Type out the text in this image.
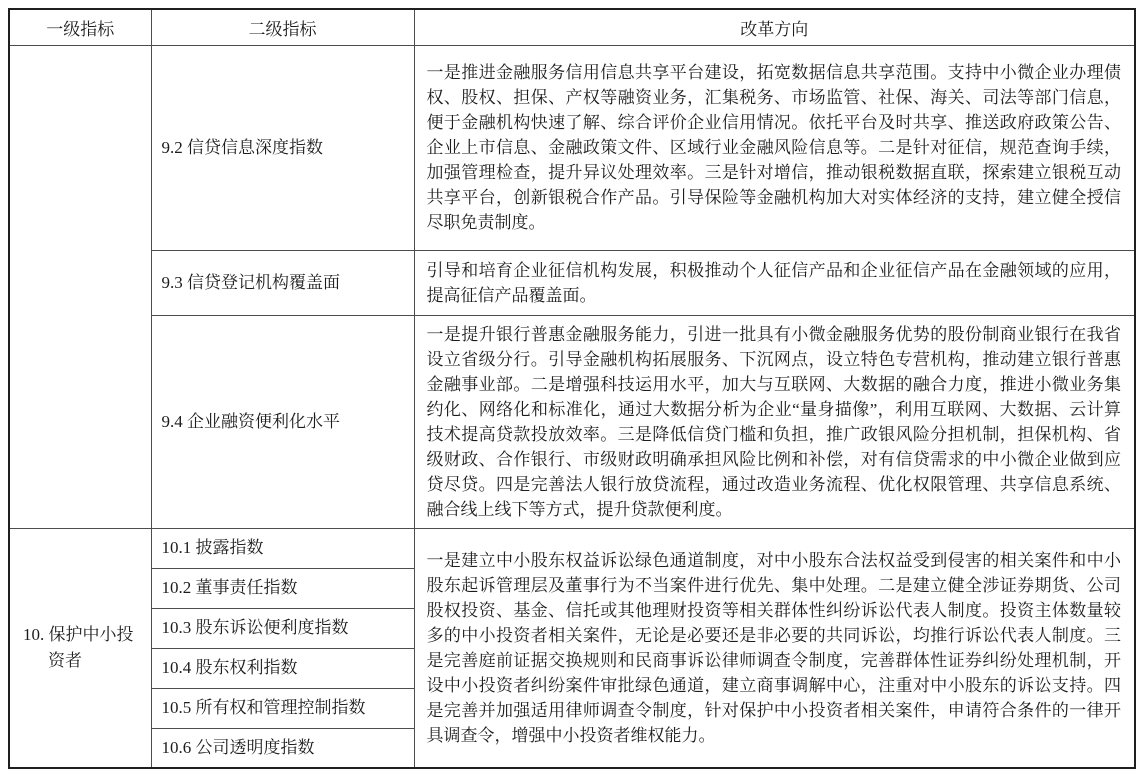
一级指标	二级指标	改革方向
	9.2 信贷信息深度指数	一是推进金融服务信用信息共享平台建设，拓宽数据信息共享范围。支持中小微企业办理债权、股权、担保、产权等融资业务，汇集税务、市场监管、社保、海关、司法等部门信息，便于金融机构快速了解、综合评价企业信用情况。依托平台及时共享、推送政府政策公告、企业上市信息、金融政策文件、区域行业金融风险信息等。二是针对征信，规范查询手续，加强管理检查，提升异议处理效率。三是针对增信，推动银税数据直联，探索建立银税互动共享平台，创新银税合作产品。引导保险等金融机构加大对实体经济的支持，建立健全授信尽职免责制度。
	9.3 信贷登记机构覆盖面	引导和培育企业征信机构发展，积极推动个人征信产品和企业征信产品在金融领域的应用，提高征信产品覆盖面。
	9.4 企业融资便利化水平	一是提升银行普惠金融服务能力，引进一批具有小微金融服务优势的股份制商业银行在我省设立省级分行。引导金融机构拓展服务、下沉网点，设立特色专营机构，推动建立银行普惠金融事业部。二是增强科技运用水平，加大与互联网、大数据的融合力度，推进小微业务集约化、网络化和标准化，通过大数据分析为企业“量身描像”，利用互联网、大数据、云计算技术提高贷款投放效率。三是降低信贷门槛和负担，推广政银风险分担机制，担保机构、省级财政、合作银行、市级财政明确承担风险比例和补偿，对有信贷需求的中小微企业做到应贷尽贷。四是完善法人银行放贷流程，通过改造业务流程、优化权限管理、共享信息系统、融合线上线下等方式，提升贷款便利度。
10. 保护中小投资者	10.1 披露指数	一是建立中小股东权益诉讼绿色通道制度，对中小股东合法权益受到侵害的相关案件和中小股东起诉管理层及董事行为不当案件进行优先、集中处理。二是建立健全涉证券期货、公司股权投资、基金、信托或其他理财投资等相关群体性纠纷诉讼代表人制度。投资主体数量较多的中小投资者相关案件，无论是必要还是非必要的共同诉讼，均推行诉讼代表人制度。三是完善庭前证据交换规则和民商事诉讼律师调查令制度，完善群体性证券纠纷处理机制，开设中小投资者纠纷案件审批绿色通道，建立商事调解中心，注重对中小股东的诉讼支持。四是完善并加强适用律师调查令制度，针对保护中小投资者相关案件，申请符合条件的一律开具调查令，增强中小投资者维权能力。
	10.2 董事责任指数	
	10.3 股东诉讼便利度指数	
	10.4 股东权利指数	
	10.5 所有权和管理控制指数	
	10.6 公司透明度指数	
